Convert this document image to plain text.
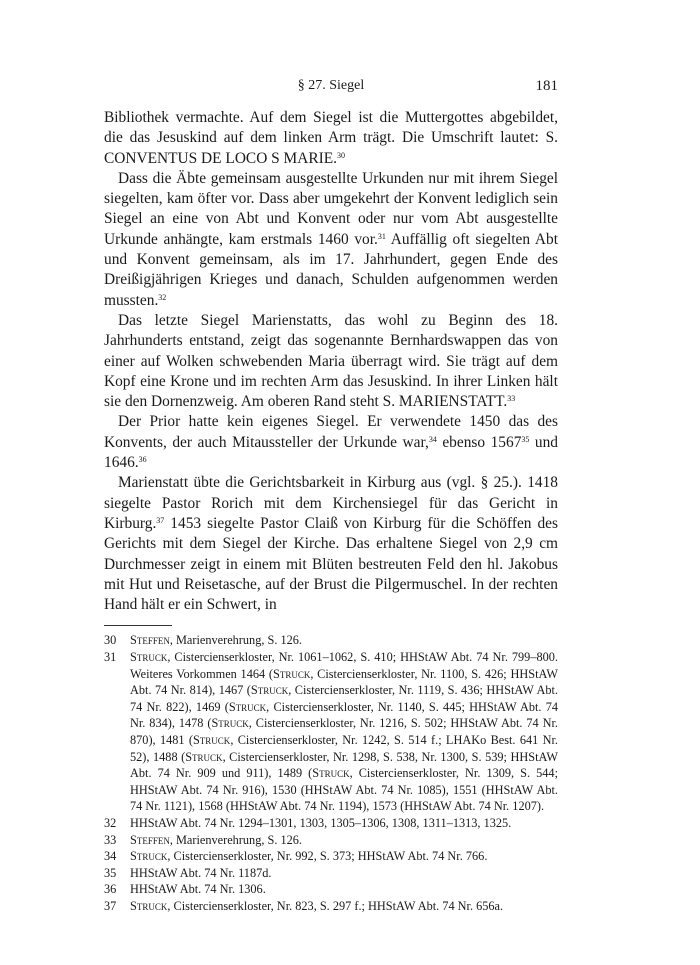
§ 27. Siegel	181

Bibliothek vermachte. Auf dem Siegel ist die Muttergottes abgebildet, die das Jesuskind auf dem linken Arm trägt. Die Umschrift lautet: S. CONVENTUS DE LOCO S MARIE.$^{30}$

Dass die Äbte gemeinsam ausgestellte Urkunden nur mit ihrem Siegel siegelten, kam öfter vor. Dass aber umgekehrt der Konvent lediglich sein Siegel an eine von Abt und Konvent oder nur vom Abt ausgestellte Urkunde anhängte, kam erstmals 1460 vor.$^{31}$ Auffällig oft siegelten Abt und Konvent gemeinsam, als im 17. Jahrhundert, gegen Ende des Dreißigjährigen Krieges und danach, Schulden aufgenommen werden mussten.$^{32}$

Das letzte Siegel Marienstatts, das wohl zu Beginn des 18. Jahrhunderts entstand, zeigt das sogenannte Bernhardswappen das von einer auf Wolken schwebenden Maria überragt wird. Sie trägt auf dem Kopf eine Krone und im rechten Arm das Jesuskind. In ihrer Linken hält sie den Dornenzweig. Am oberen Rand steht S. MARIENSTATT.$^{33}$

Der Prior hatte kein eigenes Siegel. Er verwendete 1450 das des Konvents, der auch Mitaussteller der Urkunde war,$^{34}$ ebenso 1567$^{35}$ und 1646.36

Marienstatt übte die Gerichtsbarkeit in Kirburg aus (vgl. § 25.). 1418 siegelte Pastor Rorich mit dem Kirchensiegel für das Gericht in Kirburg.$^{37}$ 1453 siegelte Pastor Claiß von Kirburg für die Schöffen des Gerichts mit dem Siegel der Kirche. Das erhaltene Siegel von 2,9 cm Durchmesser zeigt in einem mit Blüten bestreuten Feld den hl. Jakobus mit Hut und Reisetasche, auf der Brust die Pilgermuschel. In der rechten Hand hält er ein Schwert, in

30	Steffen, Marienverehrung, S. 126.
31	Struck, Cistercienserkloster, Nr. 1061–1062, S. 410; HHStAW Abt. 74 Nr. 799–800. Weiteres Vorkommen 1464 (Struck, Cistercienserkloster, Nr. 1100, S. 426; HHStAW Abt. 74 Nr. 814), 1467 (Struck, Cistercienserkloster, Nr. 1119, S. 436; HHStAW Abt. 74 Nr. 822), 1469 (Struck, Cistercienserkloster, Nr. 1140, S. 445; HHStAW Abt. 74 Nr. 834), 1478 (Struck, Cistercienserkloster, Nr. 1216, S. 502; HHStAW Abt. 74 Nr. 870), 1481 (Struck, Cistercienserkloster, Nr. 1242, S. 514 f.; LHAKo Best. 641 Nr. 52), 1488 (Struck, Cistercienserkloster, Nr. 1298, S. 538, Nr. 1300, S. 539; HHStAW Abt. 74 Nr. 909 und 911), 1489 (Struck, Cistercienserkloster, Nr. 1309, S. 544; HHStAW Abt. 74 Nr. 916), 1530 (HHStAW Abt. 74 Nr. 1085), 1551 (HHStAW Abt. 74 Nr. 1121), 1568 (HHStAW Abt. 74 Nr. 1194), 1573 (HHStAW Abt. 74 Nr. 1207).
32	HHStAW Abt. 74 Nr. 1294–1301, 1303, 1305–1306, 1308, 1311–1313, 1325.
33	Steffen, Marienverehrung, S. 126.
34	Struck, Cistercienserkloster, Nr. 992, S. 373; HHStAW Abt. 74 Nr. 766.
35	HHStAW Abt. 74 Nr. 1187d.
36	HHStAW Abt. 74 Nr. 1306.
37	Struck, Cistercienserkloster, Nr. 823, S. 297 f.; HHStAW Abt. 74 Nr. 656a.
